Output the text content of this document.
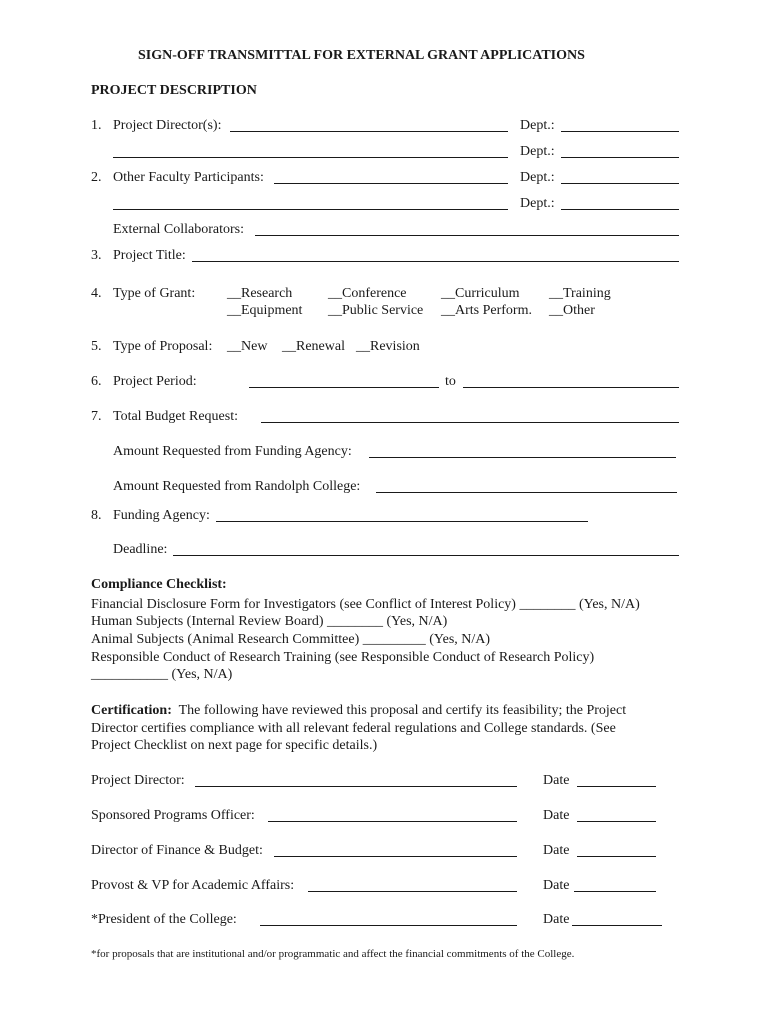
SIGN-OFF TRANSMITTAL FOR EXTERNAL GRANT APPLICATIONS
PROJECT DESCRIPTION
1. Project Director(s):	Dept.:
Dept.:
2. Other Faculty Participants:	Dept.:
Dept.:
External Collaborators:
3. Project Title:
4. Type of Grant: __Research	__Conference __Curriculum __Training
__Equipment __Public Service __Arts Perform. __Other
5. Type of Proposal: __New __Renewal __Revision
6. Project Period:	to
7. Total Budget Request:
Amount Requested from Funding Agency:
Amount Requested from Randolph College:
8. Funding Agency:
Deadline:
Compliance Checklist:
Financial Disclosure Form for Investigators (see Conflict of Interest Policy) ________ (Yes, N/A)
Human Subjects (Internal Review Board) ________ (Yes, N/A)
Animal Subjects (Animal Research Committee) _________ (Yes, N/A)
Responsible Conduct of Research Training (see Responsible Conduct of Research Policy)
___________ (Yes, N/A)
Certification: The following have reviewed this proposal and certify its feasibility; the Project
Director certifies compliance with all relevant federal regulations and College standards. (See
Project Checklist on next page for specific details.)
Project Director:	Date
Sponsored Programs Officer:	Date
Director of Finance & Budget:	Date
Provost & VP for Academic Affairs:	Date
*President of the College:	Date
*for proposals that are institutional and/or programmatic and affect the financial commitments of the College.
